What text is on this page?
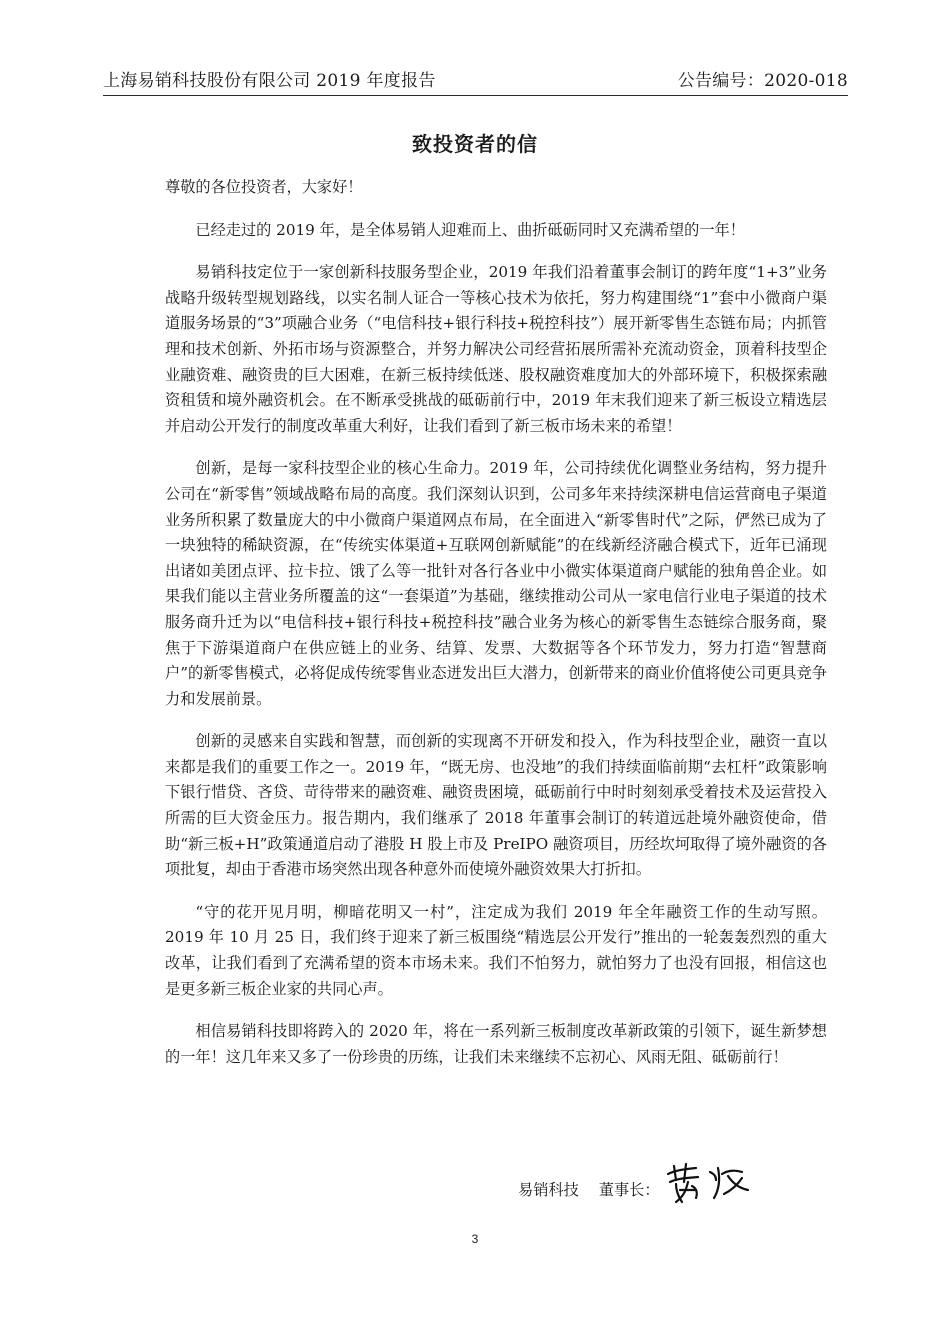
上海易销科技股份有限公司 2019 年度报告	公告编号：2020-018
致投资者的信

尊敬的各位投资者，大家好！

已经走过的 2019 年，是全体易销人迎难而上、曲折砥砺同时又充满希望的一年！

易销科技定位于一家创新科技服务型企业，2019 年我们沿着董事会制订的跨年度“1+3”业务战略升级转型规划路线，以实名制人证合一等核心技术为依托，努力构建围绕“1”套中小微商户渠道服务场景的“3”项融合业务（“电信科技+银行科技+税控科技”）展开新零售生态链布局；内抓管理和技术创新、外拓市场与资源整合，并努力解决公司经营拓展所需补充流动资金，顶着科技型企业融资难、融资贵的巨大困难，在新三板持续低迷、股权融资难度加大的外部环境下，积极探索融资租赁和境外融资机会。在不断承受挑战的砥砺前行中，2019 年末我们迎来了新三板设立精选层并启动公开发行的制度改革重大利好，让我们看到了新三板市场未来的希望！

创新，是每一家科技型企业的核心生命力。2019 年，公司持续优化调整业务结构，努力提升公司在“新零售”领域战略布局的高度。我们深刻认识到，公司多年来持续深耕电信运营商电子渠道业务所积累了数量庞大的中小微商户渠道网点布局，在全面进入“新零售时代”之际，俨然已成为了一块独特的稀缺资源，在“传统实体渠道+互联网创新赋能”的在线新经济融合模式下，近年已涌现出诸如美团点评、拉卡拉、饿了么等一批针对各行各业中小微实体渠道商户赋能的独角兽企业。如果我们能以主营业务所覆盖的这“一套渠道”为基础，继续推动公司从一家电信行业电子渠道的技术服务商升迁为以“电信科技+银行科技+税控科技”融合业务为核心的新零售生态链综合服务商，聚焦于下游渠道商户在供应链上的业务、结算、发票、大数据等各个环节发力，努力打造“智慧商户”的新零售模式，必将促成传统零售业态迸发出巨大潜力，创新带来的商业价值将使公司更具竞争力和发展前景。

创新的灵感来自实践和智慧，而创新的实现离不开研发和投入，作为科技型企业，融资一直以来都是我们的重要工作之一。2019 年，“既无房、也没地”的我们持续面临前期“去杠杆”政策影响下银行惜贷、吝贷、苛待带来的融资难、融资贵困境，砥砺前行中时时刻刻承受着技术及运营投入所需的巨大资金压力。报告期内，我们继承了 2018 年董事会制订的转道远赴境外融资使命，借助“新三板+H”政策通道启动了港股 H 股上市及 PreIPO 融资项目，历经坎坷取得了境外融资的各项批复，却由于香港市场突然出现各种意外而使境外融资效果大打折扣。

“守的花开见月明，柳暗花明又一村”，注定成为我们 2019 年全年融资工作的生动写照。2019 年 10 月 25 日，我们终于迎来了新三板围绕“精选层公开发行”推出的一轮轰轰烈烈的重大改革，让我们看到了充满希望的资本市场未来。我们不怕努力，就怕努力了也没有回报，相信这也是更多新三板企业家的共同心声。

相信易销科技即将跨入的 2020 年，将在一系列新三板制度改革新政策的引领下，诞生新梦想的一年！这几年来又多了一份珍贵的历练，让我们未来继续不忘初心、风雨无阻、砥砺前行！

易销科技 董事长：
3
